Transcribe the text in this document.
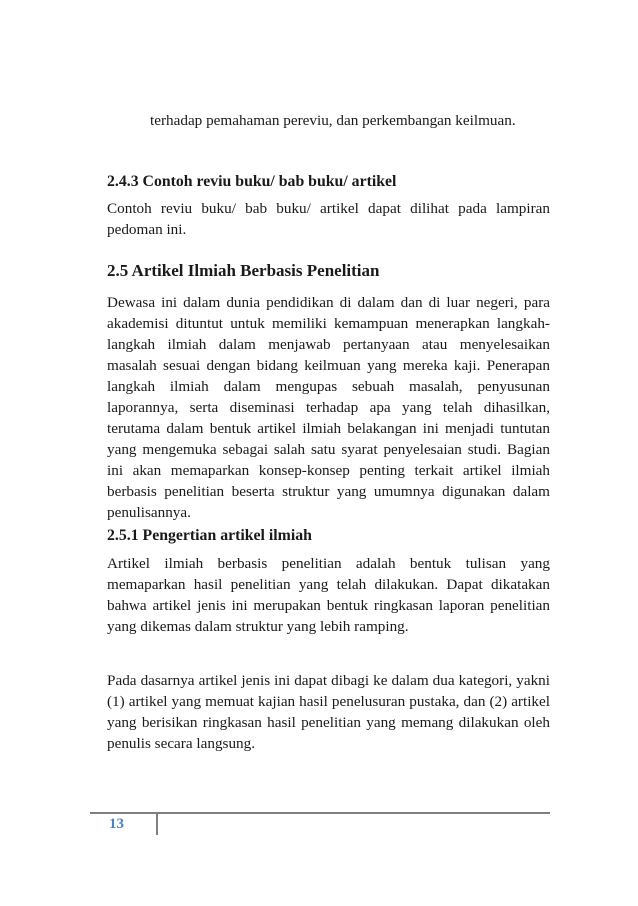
terhadap pemahaman pereviu, dan perkembangan keilmuan.

2.4.3 Contoh reviu buku/ bab buku/ artikel

Contoh reviu buku/ bab buku/ artikel dapat dilihat pada lampiran pedoman ini.

2.5 Artikel Ilmiah Berbasis Penelitian

Dewasa ini dalam dunia pendidikan di dalam dan di luar negeri, para akademisi dituntut untuk memiliki kemampuan menerapkan langkah-langkah ilmiah dalam menjawab pertanyaan atau menyelesaikan masalah sesuai dengan bidang keilmuan yang mereka kaji. Penerapan langkah ilmiah dalam mengupas sebuah masalah, penyusunan laporannya, serta diseminasi terhadap apa yang telah dihasilkan, terutama dalam bentuk artikel ilmiah belakangan ini menjadi tuntutan yang mengemuka sebagai salah satu syarat penyelesaian studi. Bagian ini akan memaparkan konsep-konsep penting terkait artikel ilmiah berbasis penelitian beserta struktur yang umumnya digunakan dalam penulisannya.

2.5.1 Pengertian artikel ilmiah

Artikel ilmiah berbasis penelitian adalah bentuk tulisan yang memaparkan hasil penelitian yang telah dilakukan. Dapat dikatakan bahwa artikel jenis ini merupakan bentuk ringkasan laporan penelitian yang dikemas dalam struktur yang lebih ramping.

Pada dasarnya artikel jenis ini dapat dibagi ke dalam dua kategori, yakni (1) artikel yang memuat kajian hasil penelusuran pustaka, dan (2) artikel yang berisikan ringkasan hasil penelitian yang memang dilakukan oleh penulis secara langsung.

13
